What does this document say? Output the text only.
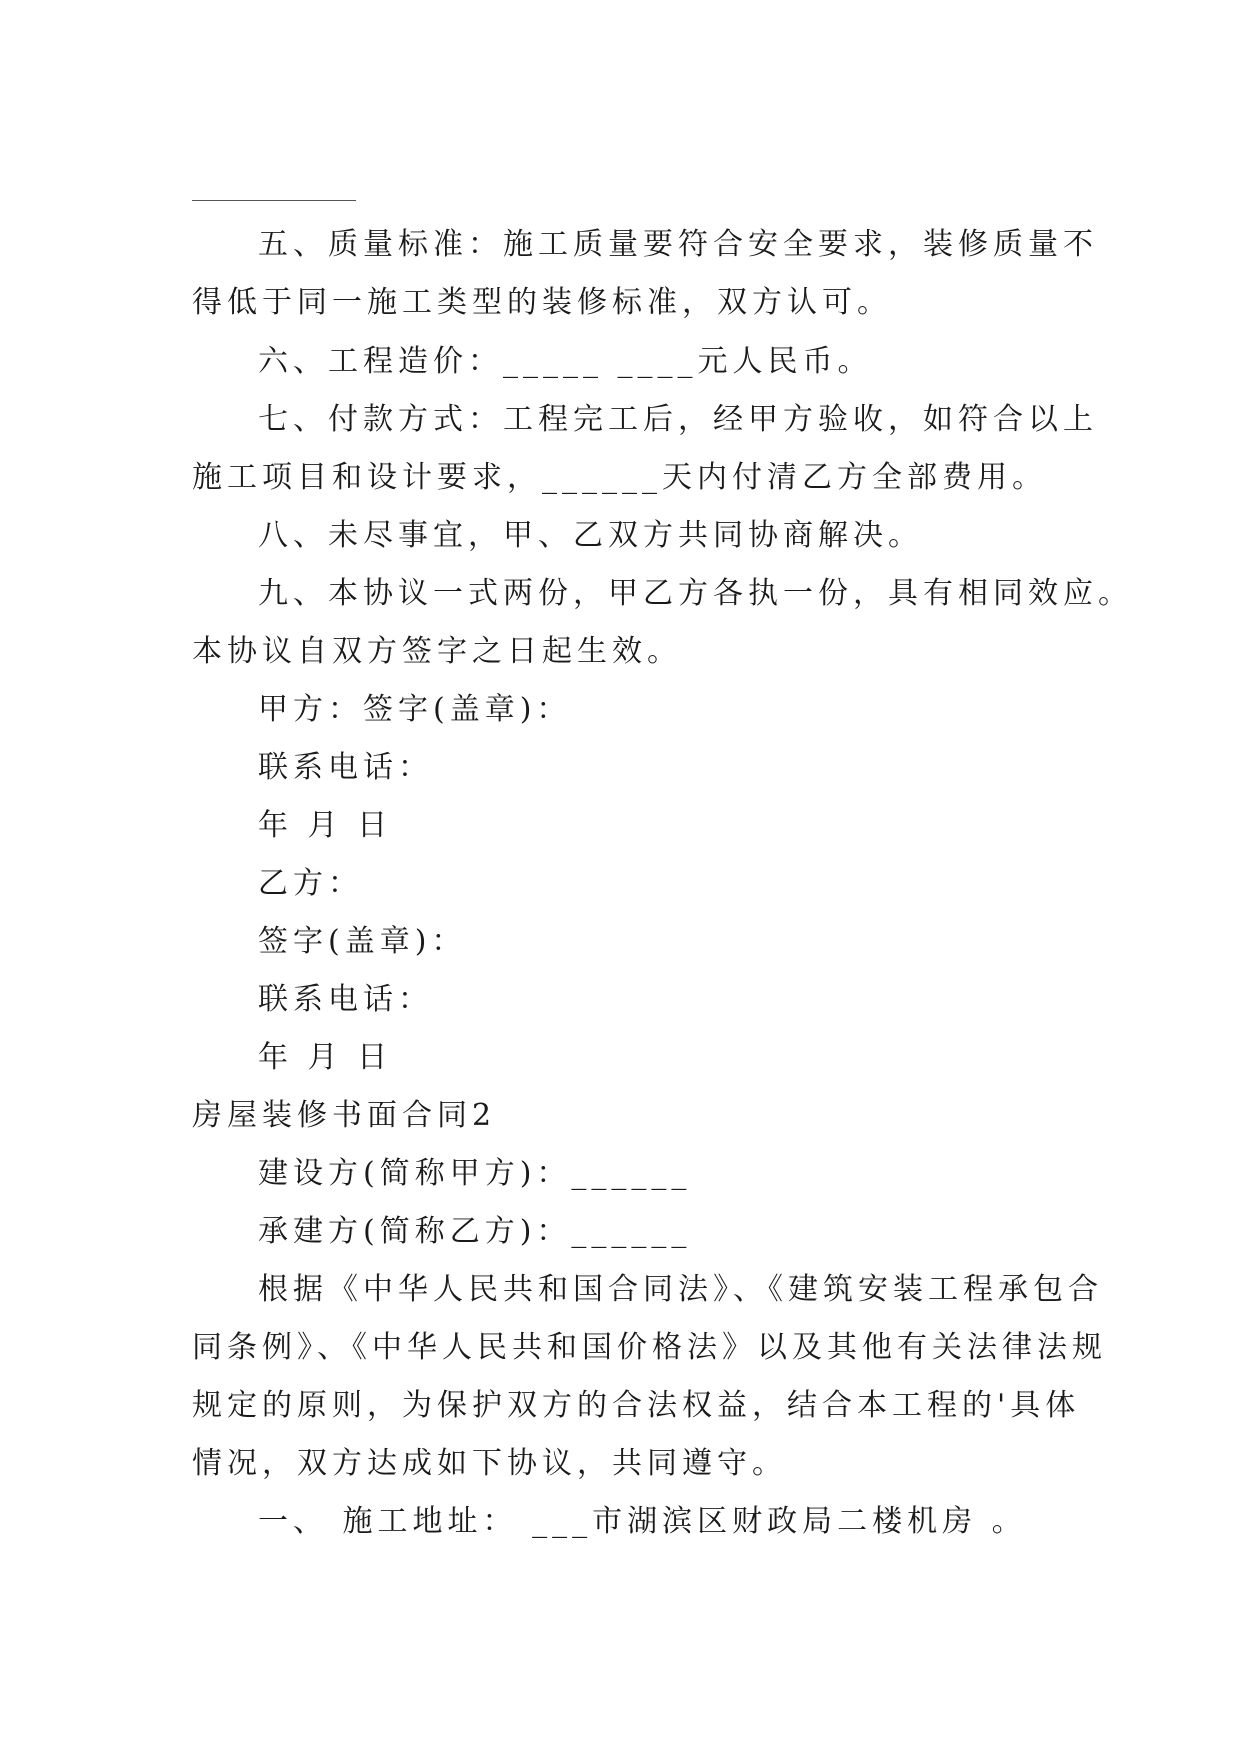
五、质量标准：施工质量要符合安全要求，装修质量不
得低于同一施工类型的装修标准，双方认可。
六、工程造价：_____ ____元人民币。
七、付款方式：工程完工后，经甲方验收，如符合以上
施工项目和设计要求，______天内付清乙方全部费用。
八、未尽事宜，甲、乙双方共同协商解决。
九、本协议一式两份，甲乙方各执一份，具有相同效应。
本协议自双方签字之日起生效。
甲方：签字(盖章)：
联系电话：
年 月 日
乙方：
签字(盖章)：
联系电话：
年 月 日
房屋装修书面合同2
建设方(简称甲方)：______
承建方(简称乙方)：______
根据《中华人民共和国合同法》、《建筑安装工程承包合
同条例》、《中华人民共和国价格法》以及其他有关法律法规
规定的原则，为保护双方的合法权益，结合本工程的'具体
情况，双方达成如下协议，共同遵守。
一、 施工地址： ___市湖滨区财政局二楼机房 。
